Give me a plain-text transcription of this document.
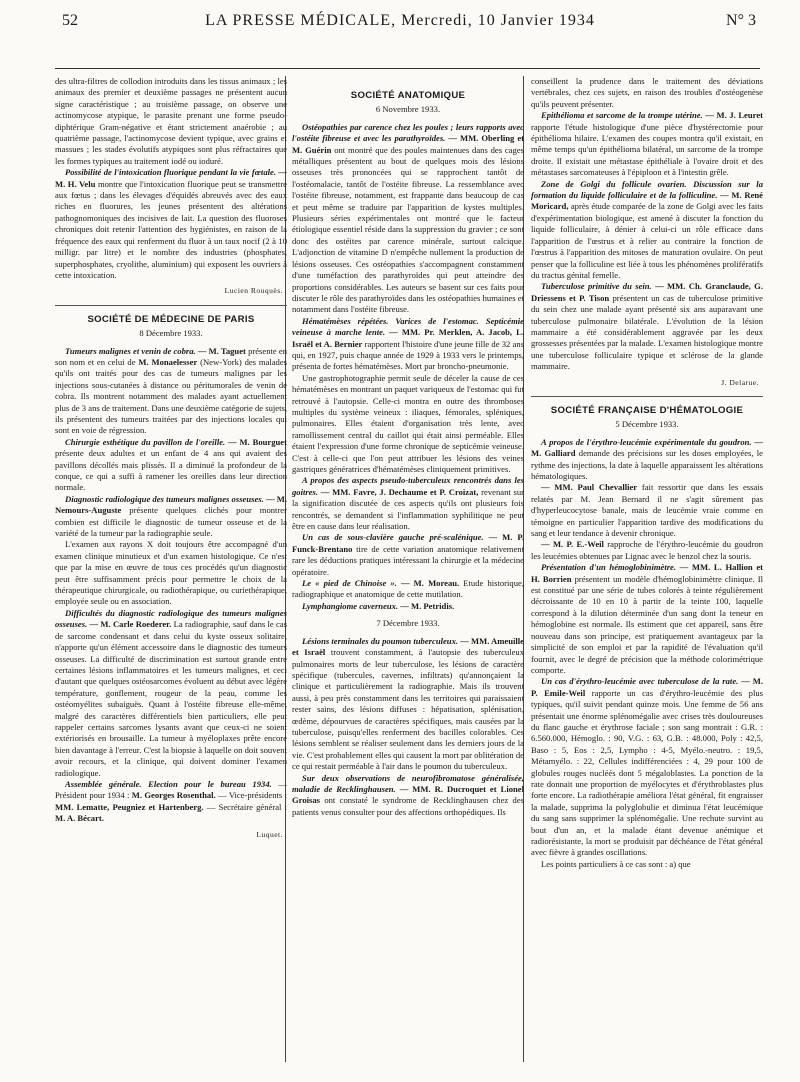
52	LA PRESSE MÉDICALE, Mercredi, 10 Janvier 1934	N° 3

des ultra-filtres de collodion introduits dans les tissus animaux ; les animaux des premier et deuxième passages ne présentent aucun signe caractéristique ; au troisième passage, on observe une actinomycose atypique, le parasite prenant une forme pseudo-diphtérique Gram-négative et étant strictement anaérobie ; au quatrième passage, l'actinomycose devient typique, avec grains et massues ; les stades évolutifs atypiques sont plus réfractaires que les formes typiques au traitement iodé ou ioduré.

Possibilité de l'intoxication fluorique pendant la vie fœtale. — M. H. Velu montre que l'intoxication fluorique peut se transmettre aux fœtus ; dans les élevages d'équidés abreuvés avec des eaux riches en fluorures, les jeunes présentent des altérations pathognomoniques des incisives de lait. La question des fluoroses chroniques doit retenir l'attention des hygiénistes, en raison de la fréquence des eaux qui renferment du fluor à un taux nocif (2 à 10 milligr. par litre) et le nombre des industries (phosphates, superphosphates, cryolithe, aluminium) qui exposent les ouvriers à cette intoxication.

Lucien Rouquès.
SOCIÉTÉ DE MÉDECINE DE PARIS
8 Décembre 1933.

Tumeurs malignes et venin de cobra. — M. Taguet présente en son nom et en celui de M. Monaelesser (New-York) des malades qu'ils ont traités pour des cas de tumeurs malignes par les injections sous-cutanées à distance ou péritumorales de venin de cobra. Ils montrent notamment des malades ayant actuellement plus de 3 ans de traitement. Dans une deuxième catégorie de sujets, ils présentent des tumeurs traitées par des injections locales qui sont en voie de régression.

Chirurgie esthétique du pavillon de l'oreille. — M. Bourguet présente deux adultes et un enfant de 4 ans qui avaient des pavillons décollés mais plissés. Il a diminué la profondeur de la conque, ce qui a suffi à ramener les oreilles dans leur direction normale.

Diagnostic radiologique des tumeurs malignes osseuses. — M. Nemours-Auguste présente quelques clichés pour montrer combien est difficile le diagnostic de tumeur osseuse et de la variété de la tumeur par la radiographie seule.

L'examen aux rayons X doit toujours être accompagné d'un examen clinique minutieux et d'un examen histologique. Ce n'est que par la mise en œuvre de tous ces procédés qu'un diagnostic peut être suffisamment précis pour permettre le choix de la thérapeutique chirurgicale, ou radiothérapique, ou curiethérapique, employée seule ou en association.

Difficultés du diagnostic radiologique des tumeurs malignes osseuses. — M. Carle Roederer. La radiographie, sauf dans le cas de sarcome condensant et dans celui du kyste osseux solitaire, n'apporte qu'un élément accessoire dans le diagnostic des tumeurs osseuses. La difficulté de discrimination est surtout grande entre certaines lésions inflammatoires et les tumeurs malignes, et ceci d'autant que quelques ostéosarcomes évoluent au début avec légère température, gonflement, rougeur de la peau, comme les ostéomyélites subaiguës. Quant à l'ostéite fibreuse elle-même, malgré des caractères différentiels bien particuliers, elle peut rappeler certains sarcomes lysants avant que ceux-ci ne soient extériorisés en brousaille. La tumeur à myéloplaxes prête encore bien davantage à l'erreur. C'est la biopsie à laquelle on doit souvent avoir recours, et la clinique, qui doivent dominer l'examen radiologique.

Assemblée générale. Election pour le bureau 1934. — Président pour 1934 : M. Georges Rosenthal. — Vice-présidents : MM. Lematte, Peugniez et Hartenberg. — Secrétaire général : M. A. Bécart.

Luquet.
SOCIÉTÉ ANATOMIQUE
6 Novembre 1933.

Ostéopathies par carence chez les poules ; leurs rapports avec l'ostéite fibreuse et avec les parathyroïdes. — MM. Oberling et M. Guérin ont montré que des poules maintenues dans des cages métalliques présentent au bout de quelques mois des lésions osseuses très prononcées qui se rapprochent tantôt de l'ostéomalacie, tantôt de l'ostéite fibreuse. La ressemblance avec l'ostéite fibreuse, notamment, est frappante dans beaucoup de cas et peut même se traduire par l'apparition de kystes multiples. Plusieurs séries expérimentales ont montré que le facteur étiologique essentiel réside dans la suppression du gravier ; ce sont donc des ostéites par carence minérale, surtout calcique. L'adjonction de vitamine D n'empêche nullement la production de lésions osseuses. Ces ostéopathies s'accompagnent constamment d'une tuméfaction des parathyroïdes qui peut atteindre des proportions considérables. Les auteurs se basent sur ces faits pour discuter le rôle des parathyroïdes dans les ostéopathies humaines et notamment dans l'ostéite fibreuse.

Hématémèses répétées. Varices de l'estomac. Septicémie veineuse à marche lente. — MM. Pr. Merklen, A. Jacob, L. Israël et A. Bernier rapportent l'histoire d'une jeune fille de 32 ans qui, en 1927, puis chaque année de 1929 à 1933 vers le printemps, présenta de fortes hématémèses. Mort par broncho-pneumonie.

Une gastrophotographie permit seule de déceler la cause de ces hématémèses en montrant un paquet variqueux de l'estomac qui fut retrouvé à l'autopsie. Celle-ci montra en outre des thromboses multiples du système veineux : iliaques, fémorales, spléniques, pulmonaires. Elles étaient d'organisation très lente, avec ramollissement central du caillot qui était ainsi perméable. Elles étaient l'expression d'une forme chronique de septicémie veineuse. C'est à celle-ci que l'on peut attribuer les lésions des veines gastriques génératrices d'hématémèses cliniquement primitives.

A propos des aspects pseudo-tuberculeux rencontrés dans les goitres. — MM. Favre, J. Dechaume et P. Croizat, revenant sur la signification discutée de ces aspects qu'ils ont plusieurs fois rencontrés, se demandent si l'inflammation syphilitique ne peut être en cause dans leur réalisation.

Un cas de sous-clavière gauche pré-scalénique. — M. P. Funck-Brentano tire de cette variation anatomique relativement rare les déductions pratiques intéressant la chirurgie et la médecine opératoire.

Le « pied de Chinoise ». — M. Moreau. Etude historique, radiographique et anatomique de cette mutilation.

Lymphangiome caverneux. — M. Petridis.

7 Décembre 1933.

Lésions terminales du poumon tuberculeux. — MM. Ameuille et Israël trouvent constamment, à l'autopsie des tuberculeux pulmonaires morts de leur tuberculose, les lésions de caractère spécifique (tubercules, cavernes, infiltrats) qu'annonçaient la clinique et particulièrement la radiographie. Mais ils trouvent aussi, à peu près constamment dans les territoires qui paraissaient rester sains, des lésions diffuses : hépatisation, splénisation, œdème, dépourvues de caractères spécifiques, mais causées par la tuberculose, puisqu'elles renferment des bacilles colorables. Ces lésions semblent se réaliser seulement dans les derniers jours de la vie. C'est probablement elles qui causent la mort par oblitération de ce qui restait perméable à l'air dans le poumon du tuberculeux.

Sur deux observations de neurofibromatose généralisée, maladie de Recklinghausen. — MM. R. Ducroquet et Lionel Groisas ont constaté le syndrome de Recklinghausen chez des patients venus consulter pour des affections orthopédiques. Ils

conseillent la prudence dans le traitement des déviations vertébrales, chez ces sujets, en raison des troubles d'ostéogenèse qu'ils peuvent présenter.

Epithélioma et sarcome de la trompe utérine. — M. J. Leuret rapporte l'étude histologique d'une pièce d'hystérectomie pour épithélioma hilaire. L'examen des coupes montra qu'il existait, en même temps qu'un épithélioma bilatéral, un sarcome de la trompe droite. Il existait une métastase épithéliale à l'ovaire droit et des métastases sarcomateuses à l'épiploon et à l'intestin grêle.

Zone de Golgi du follicule ovarien. Discussion sur la formation du liquide folliculaire et de la folliculine. — M. René Moricard, après étude comparée de la zone de Golgi avec les faits d'expérimentation biologique, est amené à discuter la fonction du liquide folliculaire, à dénier à celui-ci un rôle efficace dans l'apparition de l'œstrus et à relier au contraire la fonction de l'œstrus à l'apparition des mitoses de maturation ovulaire. On peut penser que la folliculine est liée à tous les phénomènes prolifératifs du tractus génital femelle.

Tuberculose primitive du sein. — MM. Ch. Granclaude, G. Driessens et P. Tison présentent un cas de tuberculose primitive du sein chez une malade ayant présenté six ans auparavant une tuberculose pulmonaire bilatérale. L'évolution de la lésion mammaire a été considérablement aggravée par les deux grossesses présentées par la malade. L'examen histologique montre une tuberculose folliculaire typique et sclérose de la glande mammaire.

J. Delarue.
SOCIÉTÉ FRANÇAISE D'HÉMATOLOGIE
5 Décembre 1933.

A propos de l'érythro-leucémie expérimentale du goudron. — M. Galliard demande des précisions sur les doses employées, le rythme des injections, la date à laquelle apparaissent les altérations hématologiques.

— MM. Paul Chevallier fait ressortir que dans les essais relatés par M. Jean Bernard il ne s'agit sûrement pas d'hyperleucocytose banale, mais de leucémie vraie comme en témoigne en particulier l'apparition tardive des modifications du sang et leur tendance à devenir chronique.

— M. P. E.-Weil rapproche de l'érythro-leucémie du goudron les leucémies obtenues par Lignac avec le benzol chez la souris.

Présentation d'un hémoglobinimètre. — MM. L. Hallion et H. Borrien présentent un modèle d'hémoglobinimètre clinique. Il est constitué par une série de tubes colorés à teinte régulièrement décroissante de 10 en 10 à partir de la teinte 100, laquelle correspond à la dilution déterminée d'un sang dont la teneur en hémoglobine est normale. Ils estiment que cet appareil, sans être nouveau dans son principe, est pratiquement avantageux par la simplicité de son emploi et par la rapidité de l'évaluation qu'il fournit, avec le degré de précision que la méthode colorimétrique comporte.

Un cas d'érythro-leucémie avec tuberculose de la rate. — M. P. Emile-Weil rapporte un cas d'érythro-leucémie des plus typiques, qu'il suivit pendant quinze mois. Une femme de 56 ans présentait une énorme splénomégalie avec crises très douloureuses du flanc gauche et érythrose faciale ; son sang montrait : G.R. : 6.560.000, Hémoglo. : 90, V.G. : 63, G.B. : 48.000, Poly : 42,5, Baso : 5, Eos : 2,5, Lympho : 4-5, Myélo.-neutro. : 19,5, Métamyélo. : 22, Cellules indifférenciées : 4, 29 pour 100 de globules rouges nucléés dont 5 mégaloblastes. La ponction de la rate donnait une proportion de myélocytes et d'érythroblastes plus forte encore. La radiothérapie améliora l'état général, fit engraisser la malade, supprima la polyglobulie et diminua l'état leucémique du sang sans supprimer la splénomégalie. Une rechute survint au bout d'un an, et la malade étant devenue anémique et radiorésistante, la mort se produisit par déchéance de l'état général avec fièvre à grandes oscillations.

Les points particuliers à ce cas sont : a) que
